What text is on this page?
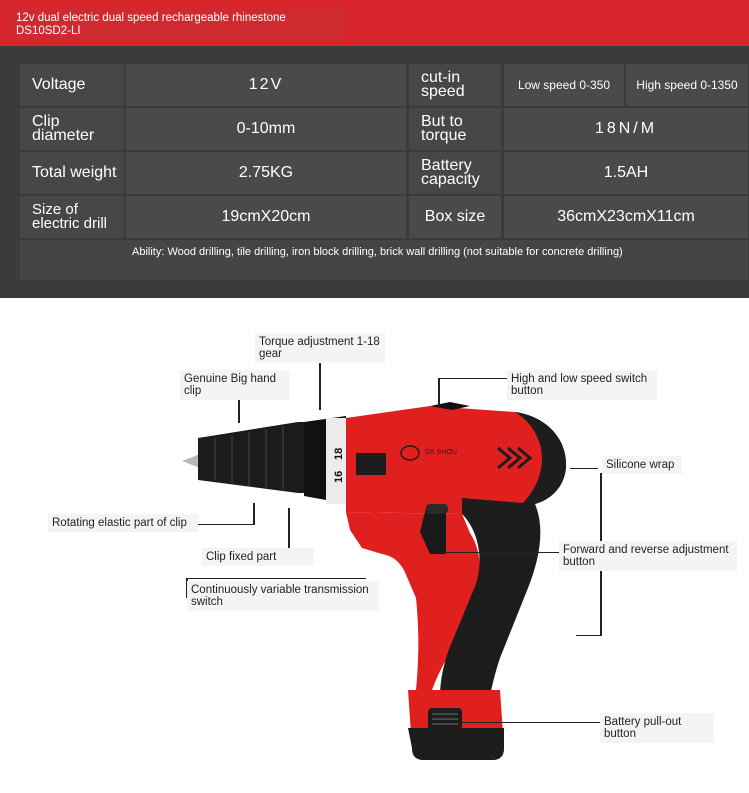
12v dual electric dual speed rechargeable rhinestone
DS10SD2-LI
Voltage	12V	cut-in speed	Low speed 0-350	High speed 0-1350
Clip diameter	0-10mm	But to torque	18N/M
Total weight	2.75KG	Battery capacity	1.5AH
Size of electric drill	19cmX20cm	Box size	36cmX23cmX11cm
Ability: Wood drilling, tile drilling, iron block drilling, brick wall drilling (not suitable for concrete drilling)
16
18	DX SHOU
Torque adjustment 1-18 gear
Genuine Big hand clip
High and low speed switch button
Silicone wrap
Rotating elastic part of clip
Clip fixed part
Forward and reverse adjustment button
Continuously variable transmission switch
Battery pull-out button
